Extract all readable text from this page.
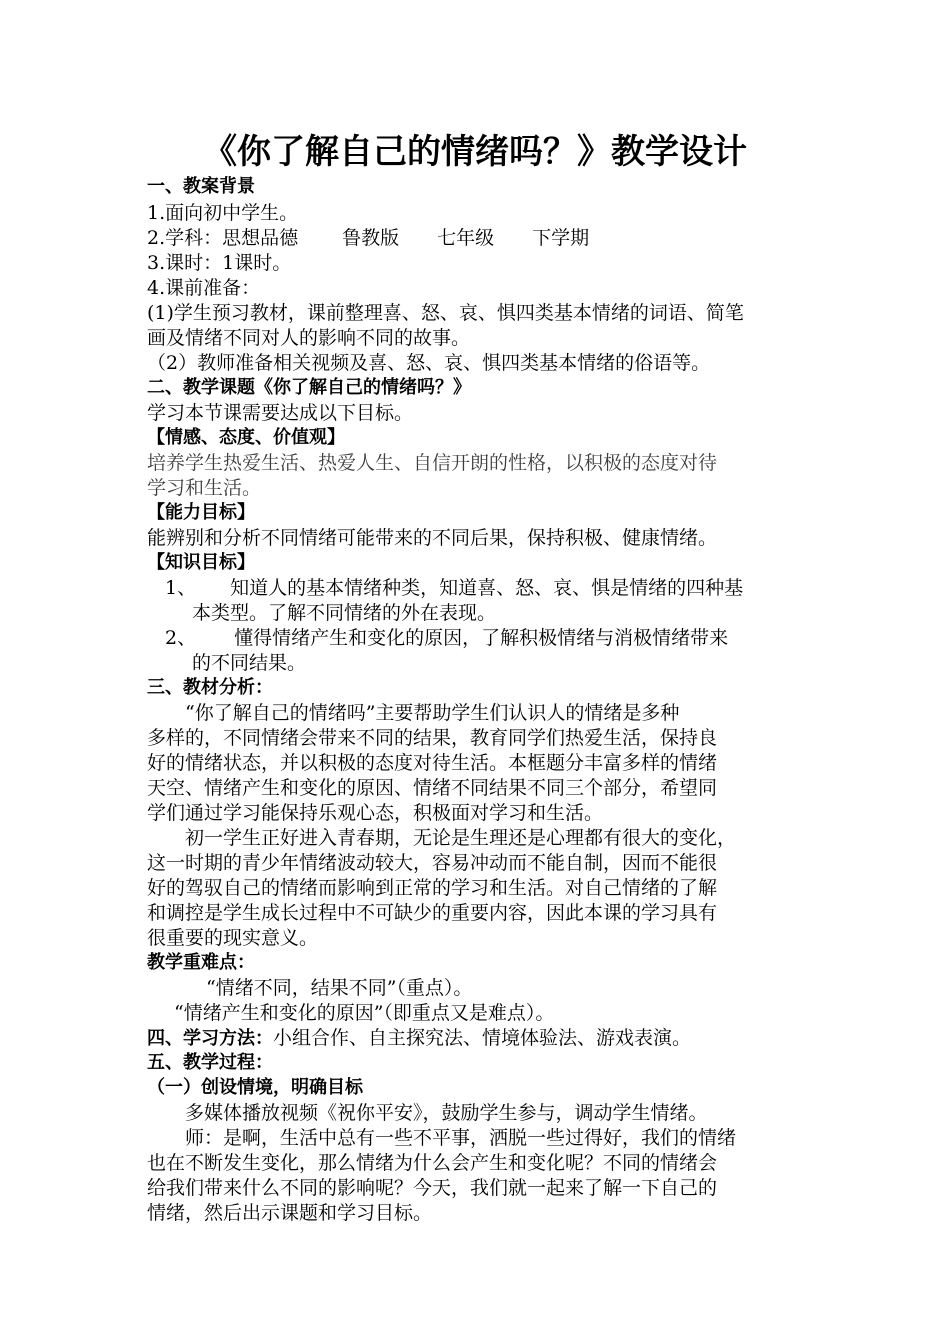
《你了解自己的情绪吗？》教学设计
一、教案背景
1.面向初中学生。
2.学科：思想品德 鲁教版 七年级 下学期
3.课时：1课时。
4.课前准备：
(1)学生预习教材，课前整理喜、怒、哀、惧四类基本情绪的词语、简笔
画及情绪不同对人的影响不同的故事。
（2）教师准备相关视频及喜、怒、哀、惧四类基本情绪的俗语等。
二、教学课题《你了解自己的情绪吗？》
学习本节课需要达成以下目标。
【情感、态度、价值观】
培养学生热爱生活、热爱人生、自信开朗的性格，以积极的态度对待
学习和生活。
【能力目标】
能辨别和分析不同情绪可能带来的不同后果，保持积极、健康情绪。
【知识目标】
1、 知道人的基本情绪种类，知道喜、怒、哀、惧是情绪的四种基
本类型。了解不同情绪的外在表现。
2、 懂得情绪产生和变化的原因，了解积极情绪与消极情绪带来
的不同结果。
三、教材分析：
“你了解自己的情绪吗”主要帮助学生们认识人的情绪是多种
多样的，不同情绪会带来不同的结果，教育同学们热爱生活，保持良
好的情绪状态，并以积极的态度对待生活。本框题分丰富多样的情绪
天空、情绪产生和变化的原因、情绪不同结果不同三个部分，希望同
学们通过学习能保持乐观心态，积极面对学习和生活。
初一学生正好进入青春期，无论是生理还是心理都有很大的变化，
这一时期的青少年情绪波动较大，容易冲动而不能自制，因而不能很
好的驾驭自己的情绪而影响到正常的学习和生活。对自己情绪的了解
和调控是学生成长过程中不可缺少的重要内容，因此本课的学习具有
很重要的现实意义。
教学重难点：
“情绪不同，结果不同”（重点）。
“情绪产生和变化的原因”（即重点又是难点）。
四、学习方法：小组合作、自主探究法、情境体验法、游戏表演。
五、教学过程：
（一）创设情境，明确目标
多媒体播放视频《祝你平安》，鼓励学生参与，调动学生情绪。
师：是啊，生活中总有一些不平事，洒脱一些过得好，我们的情绪
也在不断发生变化，那么情绪为什么会产生和变化呢？不同的情绪会
给我们带来什么不同的影响呢？今天，我们就一起来了解一下自己的
情绪，然后出示课题和学习目标。
